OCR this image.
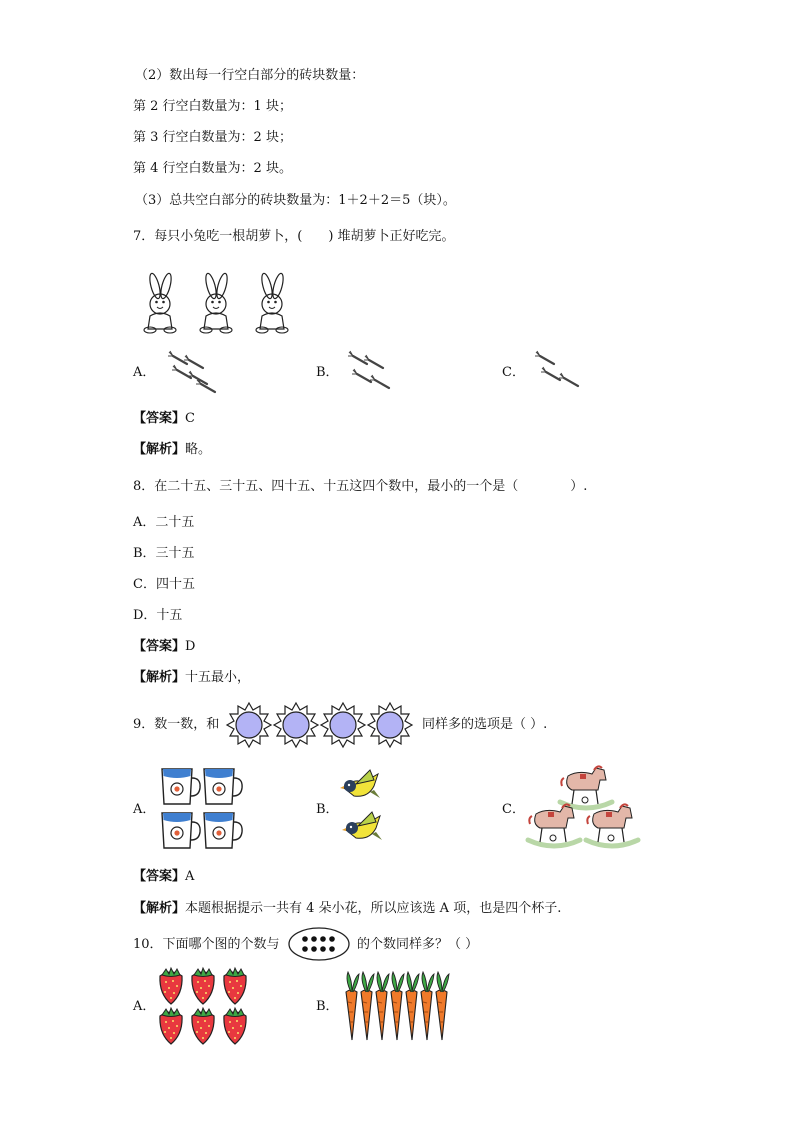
（2）数出每一行空白部分的砖块数量：
第 2 行空白数量为：1 块；
第 3 行空白数量为：2 块；
第 4 行空白数量为：2 块。
（3）总共空白部分的砖块数量为：1＋2＋2＝5（块）。
7．每只小兔吃一根胡萝卜，(　　) 堆胡萝卜正好吃完。
A．	B．	C．
【答案】C
【解析】略。
8．在二十五、三十五、四十五、十五这四个数中，最小的一个是（　　　　）.
A．二十五
B．三十五
C．四十五
D．十五
【答案】D
【解析】十五最小，
9．数一数，和	同样多的选项是（ ）.
A．	B．	C．
【答案】A
【解析】本题根据提示一共有 4 朵小花，所以应该选 A 项，也是四个杯子.
10．下面哪个图的个数与	的个数同样多？（ ）
A．	B．
